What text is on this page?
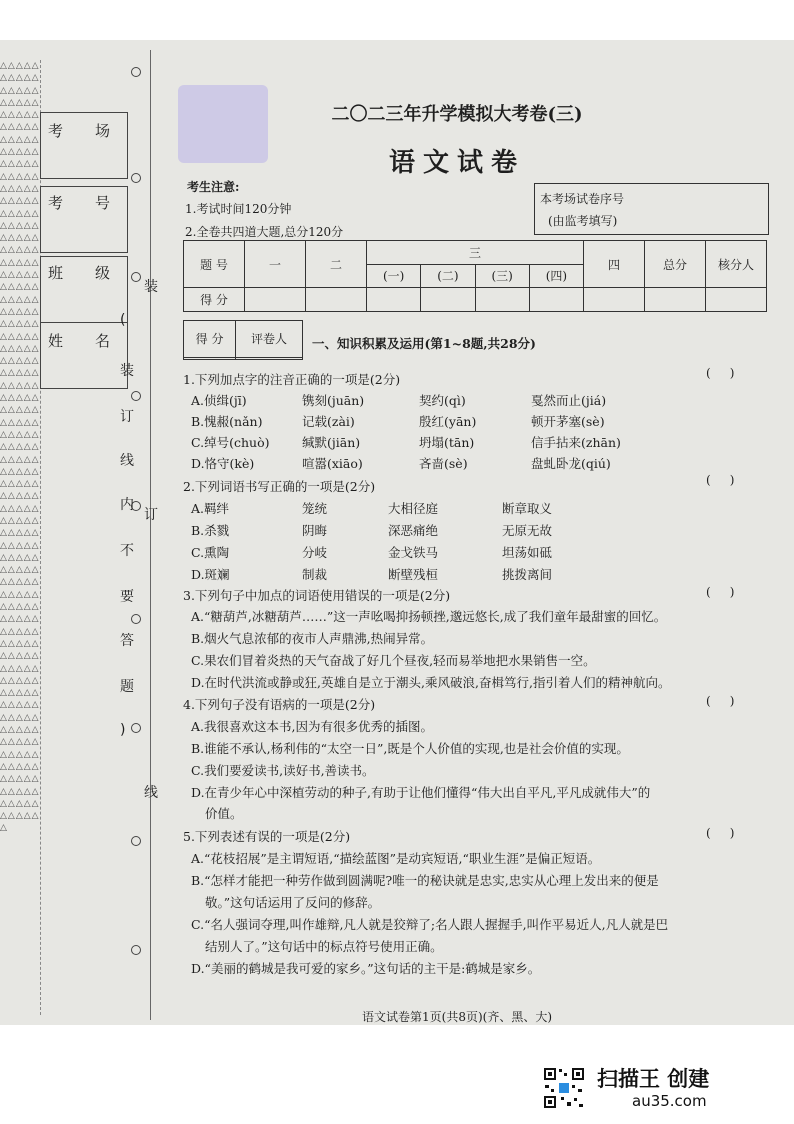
△△△△△△△△△△△△△△△△△△△△△△△△△△△△△△△△△△△△△△△△△△△△△△△△△△△△△△△△△△△△△△△△△△△△△△△△△△△△△△△△△△△△△△△△△△△△△△△△△△△△△△△△△△△△△△△△△△△△△△△△△△△△△△△△△△△△△△△△△△△△△△△△△△△△△△△△△△△△△△△△△△△△△△△△△△△△△△△△△△△△△△△△△△△△△△△△△△△△△△△△△△△△△△△△△△△△△△△△△△△△△△△△△△△△△△△△△△△△△△△△△△△△△△△△△△△△△△△△△△△△△△△△△△△△△△△△△△△△△△△△△△△△△△△△△△△△△△△△△△△△△△△△△△△△△△△
考场
考号
班级
姓名
装
(
装
订
线
内
订
不
要
答
题
)
线
二〇二三年升学模拟大考卷(三)
语文试卷
考生注意:
1.考试时间120分钟
2.全卷共四道大题,总分120分
本考场试卷序号
(由监考填写)
题 号	一	二	三				四	总分	核分人
			(一)	(二)	(三)	(四)			
得 分									
得 分	评卷人
	一、知识积累及运用(第1~8题,共28分)
1.下列加点字的注音正确的一项是(2分)	(     )
A.侦缉(jī)	镌刻(juān)	契约(qì)	戛然而止(jiá)
B.愧赧(nǎn)	记载(zài)	殷红(yān)	顿开茅塞(sè)
C.绰号(chuò)	缄默(jiān)	坍塌(tān)	信手拈来(zhān)
D.恪守(kè)	喧嚣(xiāo)	吝啬(sè)	盘虬卧龙(qiú)
2.下列词语书写正确的一项是(2分)	(     )
A.羁绊	笼统	大相径庭	断章取义
B.杀戮	阴晦	深恶痛绝	无原无故
C.熏陶	分岐	金戈铁马	坦荡如砥
D.斑斓	制裁	断壁残桓	挑拨离间
3.下列句子中加点的词语使用错误的一项是(2分)	(     )
A.“糖葫芦,冰糖葫芦……”这一声吆喝抑扬顿挫,邈远悠长,成了我们童年最甜蜜的回忆。
B.烟火气息浓郁的夜市人声鼎沸,热闹异常。
C.果农们冒着炎热的天气奋战了好几个昼夜,轻而易举地把水果销售一空。
D.在时代洪流或静或狂,英雄自是立于潮头,乘风破浪,奋楫笃行,指引着人们的精神航向。
4.下列句子没有语病的一项是(2分)	(     )
A.我很喜欢这本书,因为有很多优秀的插图。
B.谁能不承认,杨利伟的“太空一日”,既是个人价值的实现,也是社会价值的实现。
C.我们要爱读书,读好书,善读书。
D.在青少年心中深植劳动的种子,有助于让他们懂得“伟大出自平凡,平凡成就伟大”的
价值。
5.下列表述有误的一项是(2分)	(     )
A.“花枝招展”是主谓短语,“描绘蓝图”是动宾短语,“职业生涯”是偏正短语。
B.“怎样才能把一种劳作做到圆满呢?唯一的秘诀就是忠实,忠实从心理上发出来的便是
敬。”这句话运用了反问的修辞。
C.“名人强词夺理,叫作雄辩,凡人就是狡辩了;名人跟人握握手,叫作平易近人,凡人就是巴
结别人了。”这句话中的标点符号使用正确。
D.“美丽的鹤城是我可爱的家乡。”这句话的主干是:鹤城是家乡。
语文试卷第1页(共8页)(齐、黑、大)
扫描王 创建
au35.com
